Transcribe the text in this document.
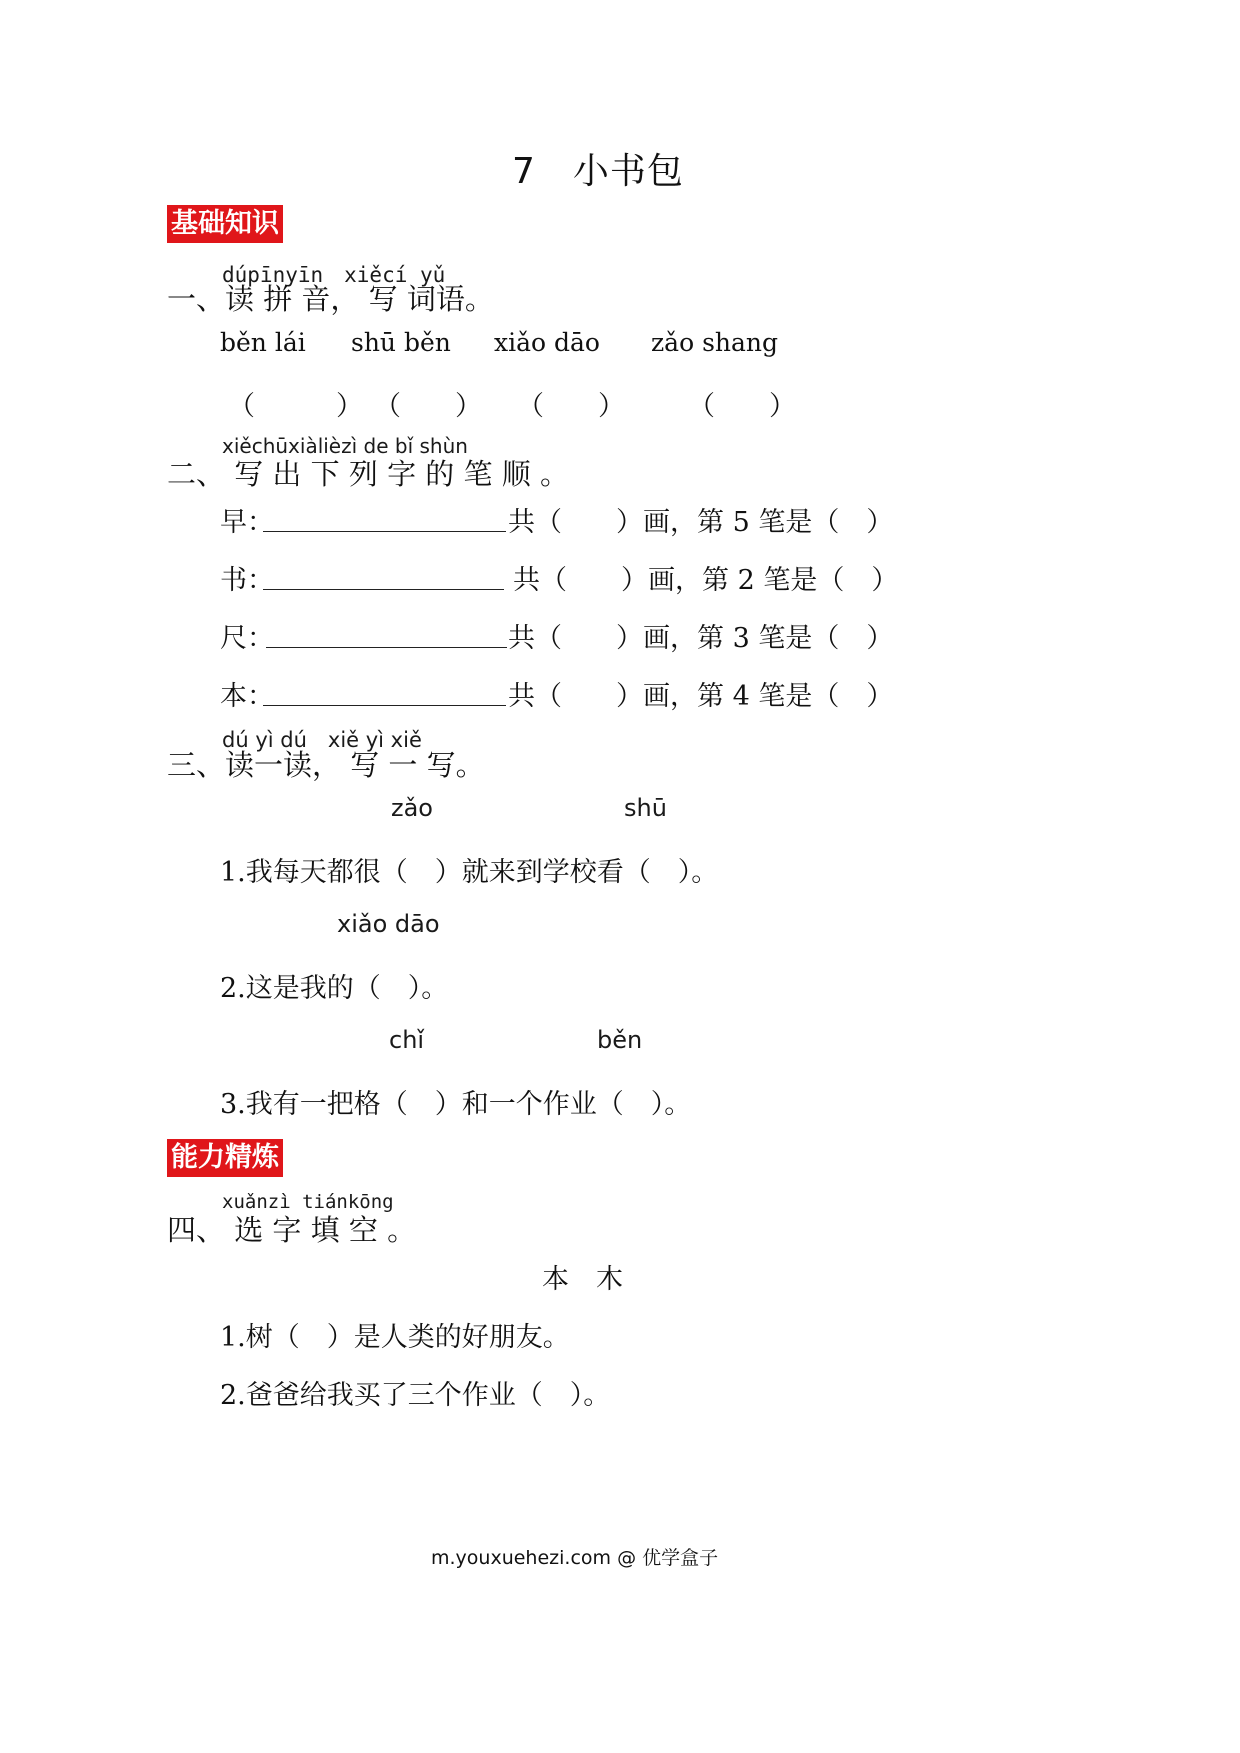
7　小书包
基础知识
dúpīnyīn　xiěcí yǔ
一、读 拼 音， 写 词语。
běn lái shū běn xiǎo dāo zǎo shang
（　　　） （　　） （　　） （　　）
xiěchūxiàlièzì de bǐ shùn
二、 写 出 下 列 字 的 笔 顺 。
早：	共（　　）画，第 5 笔是（　）
书：	共（　　）画，第 2 笔是（　）
尺：	共（　　）画，第 3 笔是（　）
本：	共（　　）画，第 4 笔是（　）
dú yì dú　xiě yì xiě
三、读一读， 写 一 写。
zǎo	shū
1.我每天都很（　）就来到学校看（　）。
xiǎo dāo
2.这是我的（　）。
chǐ	běn
3.我有一把格（　）和一个作业（　）。
能力精炼
xuǎnzì tiánkōng
四、 选 字 填 空 。
本　木
1.树（　）是人类的好朋友。
2.爸爸给我买了三个作业（　）。
m.youxuehezi.com @ 优学盒子
